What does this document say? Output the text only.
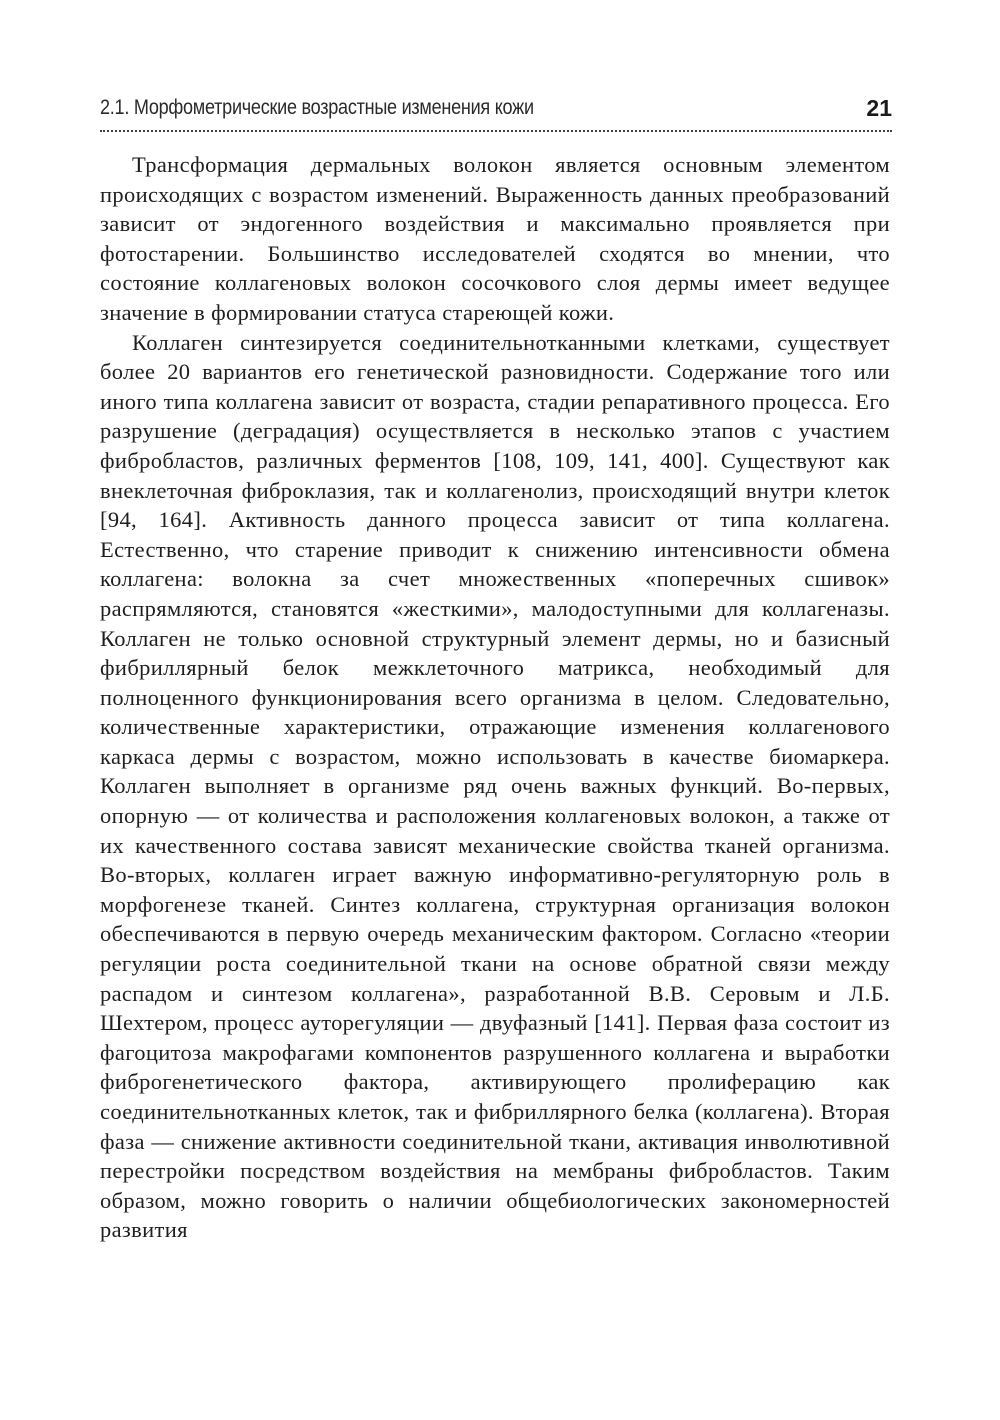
2.1. Морфометрические возрастные изменения кожи	21

Трансформация дермальных волокон является основным элементом происходящих с возрастом изменений. Выраженность данных преобразований зависит от эндогенного воздействия и максимально проявляется при фотостарении. Большинство исследователей сходятся во мнении, что состояние коллагеновых волокон сосочкового слоя дермы имеет ведущее значение в формировании статуса стареющей кожи.

Коллаген синтезируется соединительнотканными клетками, существует более 20 вариантов его генетической разновидности. Содержание того или иного типа коллагена зависит от возраста, стадии репаративного процесса. Его разрушение (деградация) осуществляется в несколько этапов с участием фибробластов, различных ферментов [108, 109, 141, 400]. Существуют как внеклеточная фиброклазия, так и коллагенолиз, происходящий внутри клеток [94, 164]. Активность данного процесса зависит от типа коллагена. Естественно, что старение приводит к снижению интенсивности обмена коллагена: волокна за счет множественных «поперечных сшивок» распрямляются, становятся «жесткими», малодоступными для коллагеназы. Коллаген не только основной структурный элемент дермы, но и базисный фибриллярный белок межклеточного матрикса, необходимый для полноценного функционирования всего организма в целом. Следовательно, количественные характеристики, отражающие изменения коллагенового каркаса дермы с возрастом, можно использовать в качестве биомаркера. Коллаген выполняет в организме ряд очень важных функций. Во-первых, опорную — от количества и расположения коллагеновых волокон, а также от их качественного состава зависят механические свойства тканей организма. Во-вторых, коллаген играет важную информативно-регуляторную роль в морфогенезе тканей. Синтез коллагена, структурная организация волокон обеспечиваются в первую очередь механическим фактором. Согласно «теории регуляции роста соединительной ткани на основе обратной связи между распадом и синтезом коллагена», разработанной В.В. Серовым и Л.Б. Шехтером, процесс ауторегуляции — двуфазный [141]. Первая фаза состоит из фагоцитоза макрофагами компонентов разрушенного коллагена и выработки фиброгенетического фактора, активирующего пролиферацию как соединительнотканных клеток, так и фибриллярного белка (коллагена). Вторая фаза — снижение активности соединительной ткани, активация инволютивной перестройки посредством воздействия на мембраны фибробластов. Таким образом, можно говорить о наличии общебиологических закономерностей развития
